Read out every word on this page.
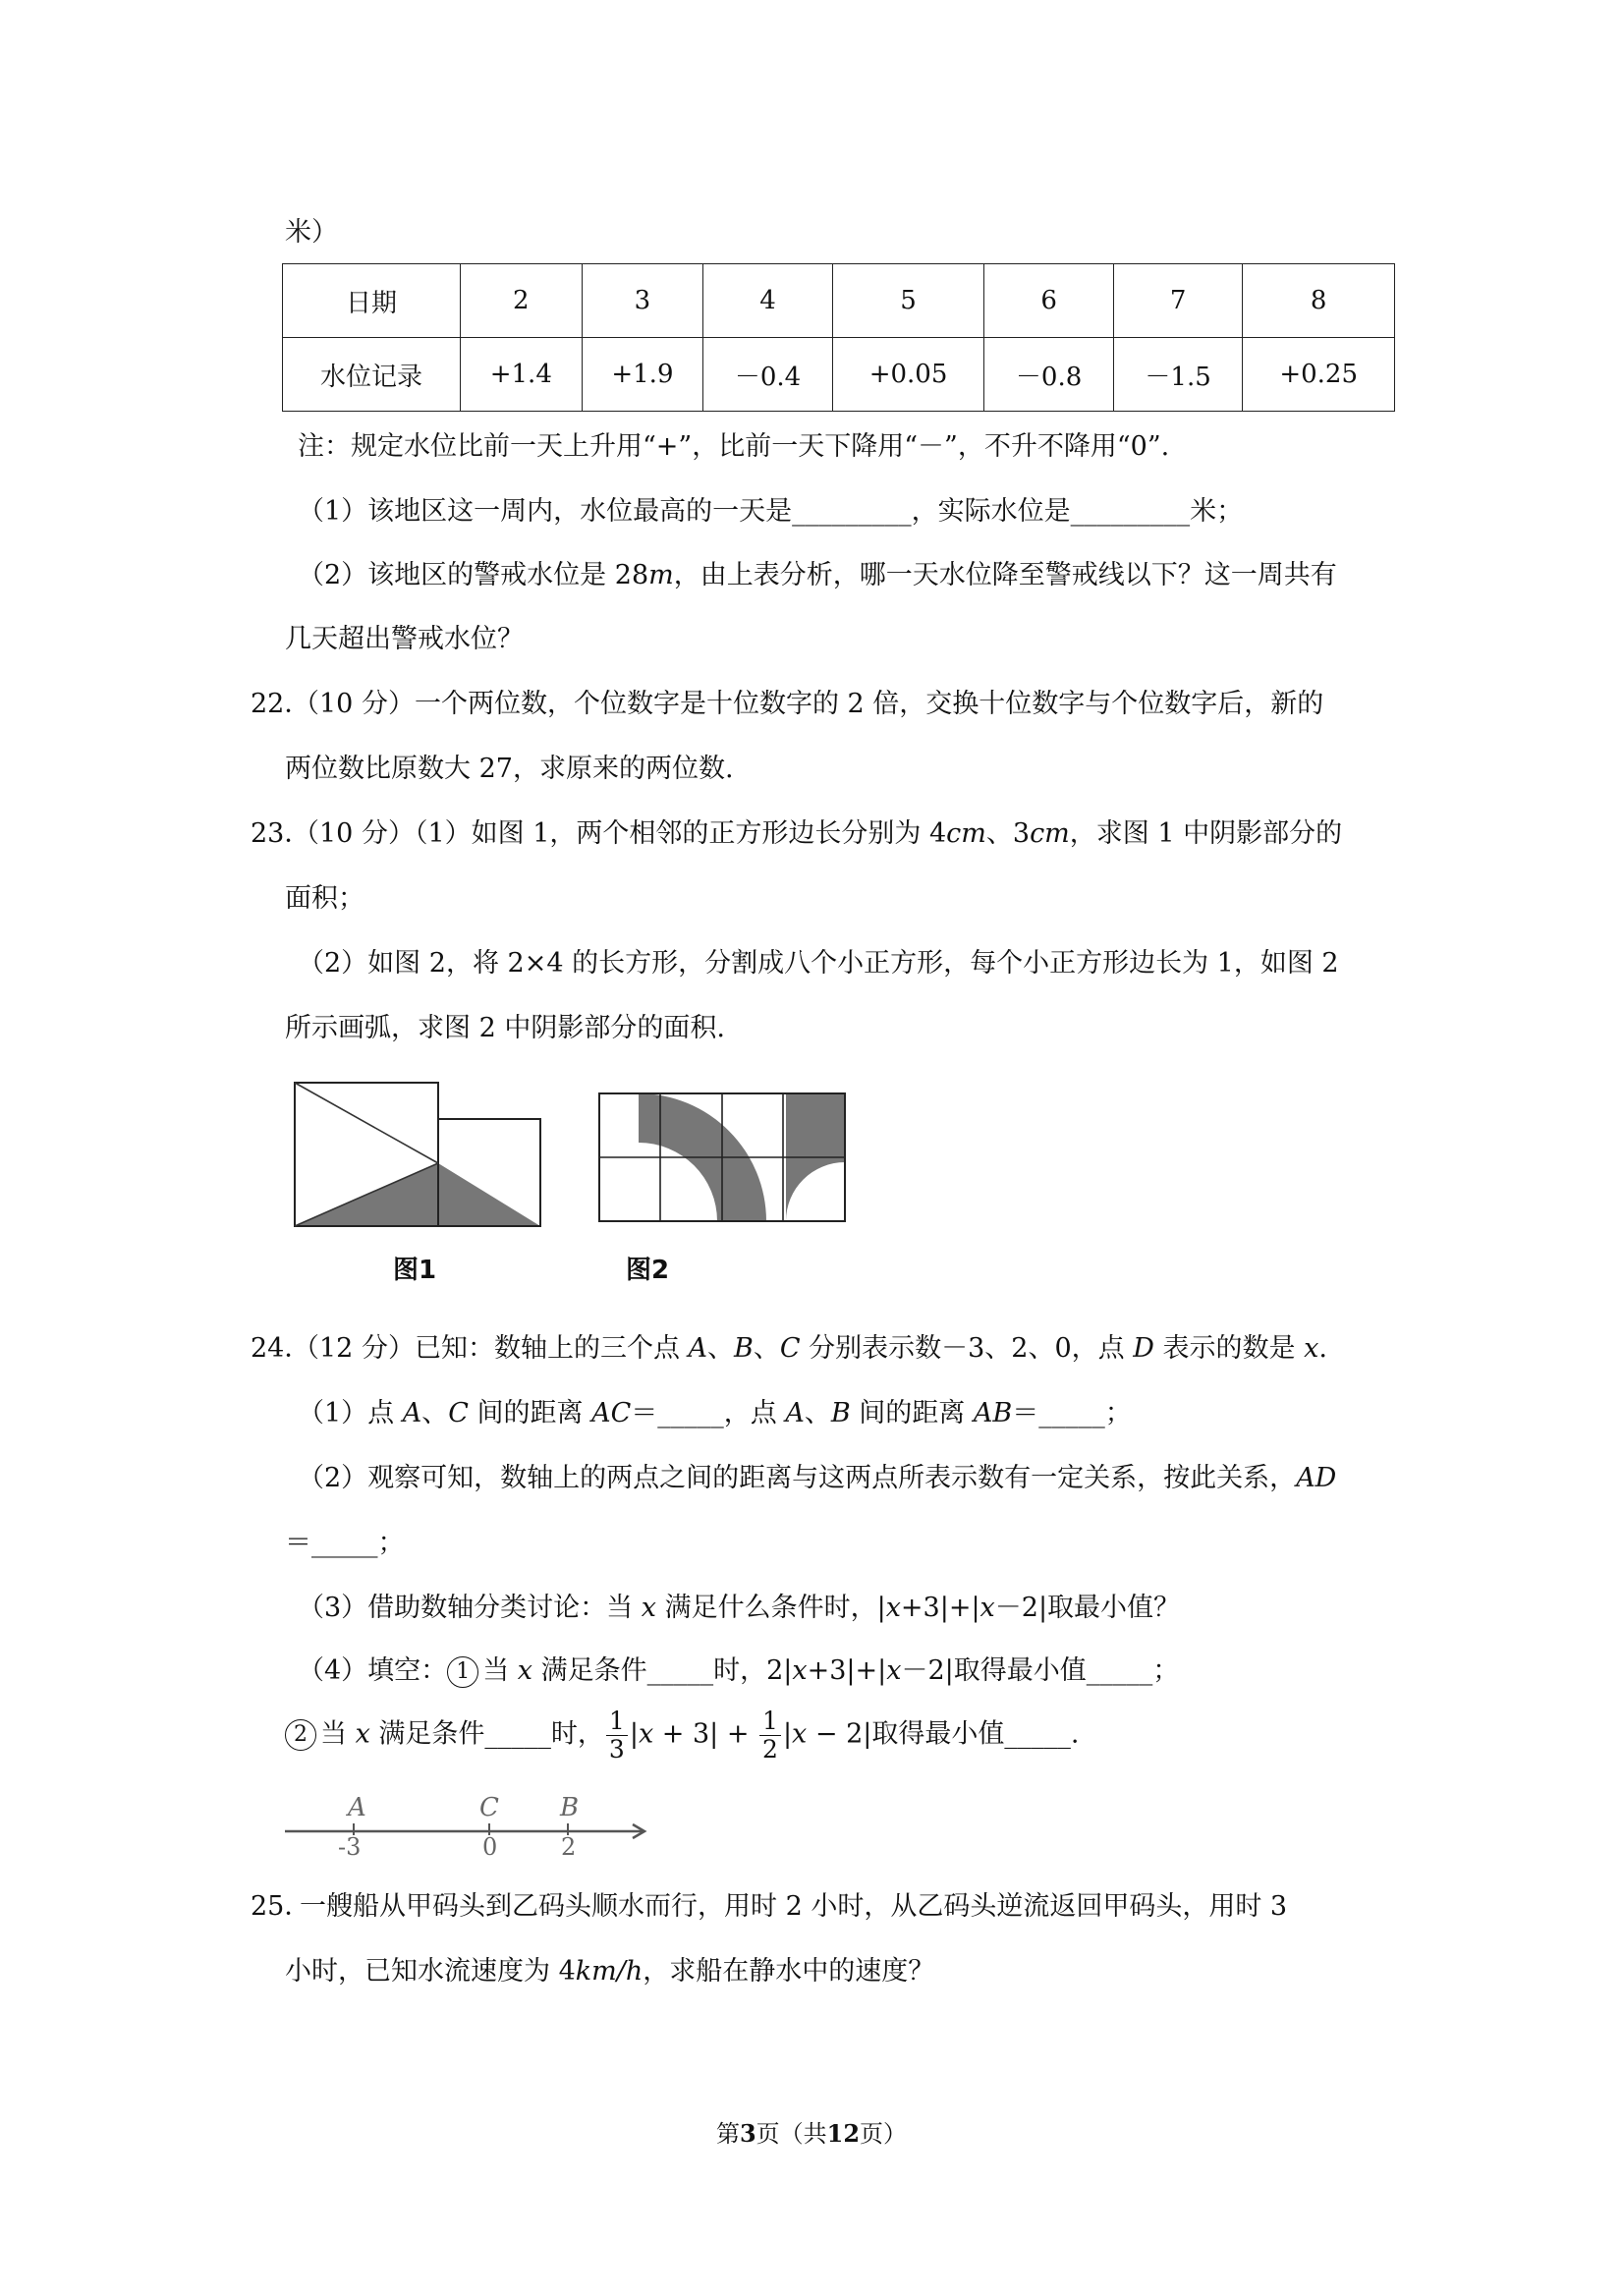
米）
日期	2	3	4	5	6	7	8
水位记录	+1.4	+1.9	－0.4	+0.05	－0.8	－1.5	+0.25
注：规定水位比前一天上升用“+”，比前一天下降用“－”，不升不降用“0”.
（1）该地区这一周内，水位最高的一天是_________，实际水位是_________米；
（2）该地区的警戒水位是 28m，由上表分析，哪一天水位降至警戒线以下？这一周共有
几天超出警戒水位？
22．
（10 分）一个两位数，个位数字是十位数字的 2 倍，交换十位数字与个位数字后，新的
两位数比原数大 27，求原来的两位数.
23．
（10 分）（1）如图 1，两个相邻的正方形边长分别为 4cm、3cm，求图 1 中阴影部分的
面积；
（2）如图 2，将 2×4 的长方形，分割成八个小正方形，每个小正方形边长为 1，如图 2
所示画弧，求图 2 中阴影部分的面积.
图1	图2
24．
（12 分）已知：数轴上的三个点 A、B、C 分别表示数－3、2、0，点 D 表示的数是 x.
（1）点 A、C 间的距离 AC＝_____，点 A、B 间的距离 AB＝_____；
（2）观察可知，数轴上的两点之间的距离与这两点所表示数有一定关系，按此关系，AD
＝_____；
（3）借助数轴分类讨论：当 x 满足什么条件时，|x+3|+|x－2|取最小值？
（4）填空： 1 当 x 满足条件_____时，2|x+3|+|x－2|取得最小值_____；
2 当 x 满足条件_____时， $\frac{1}{3} |x + 3| + \frac{1}{2} |x - 2|$取得最小值_____.
A	C B
-3	0	2
25．
一艘船从甲码头到乙码头顺水而行，用时 2 小时，从乙码头逆流返回甲码头，用时 3
小时，已知水流速度为 4km/h，求船在静水中的速度？
第3页（共12页）
